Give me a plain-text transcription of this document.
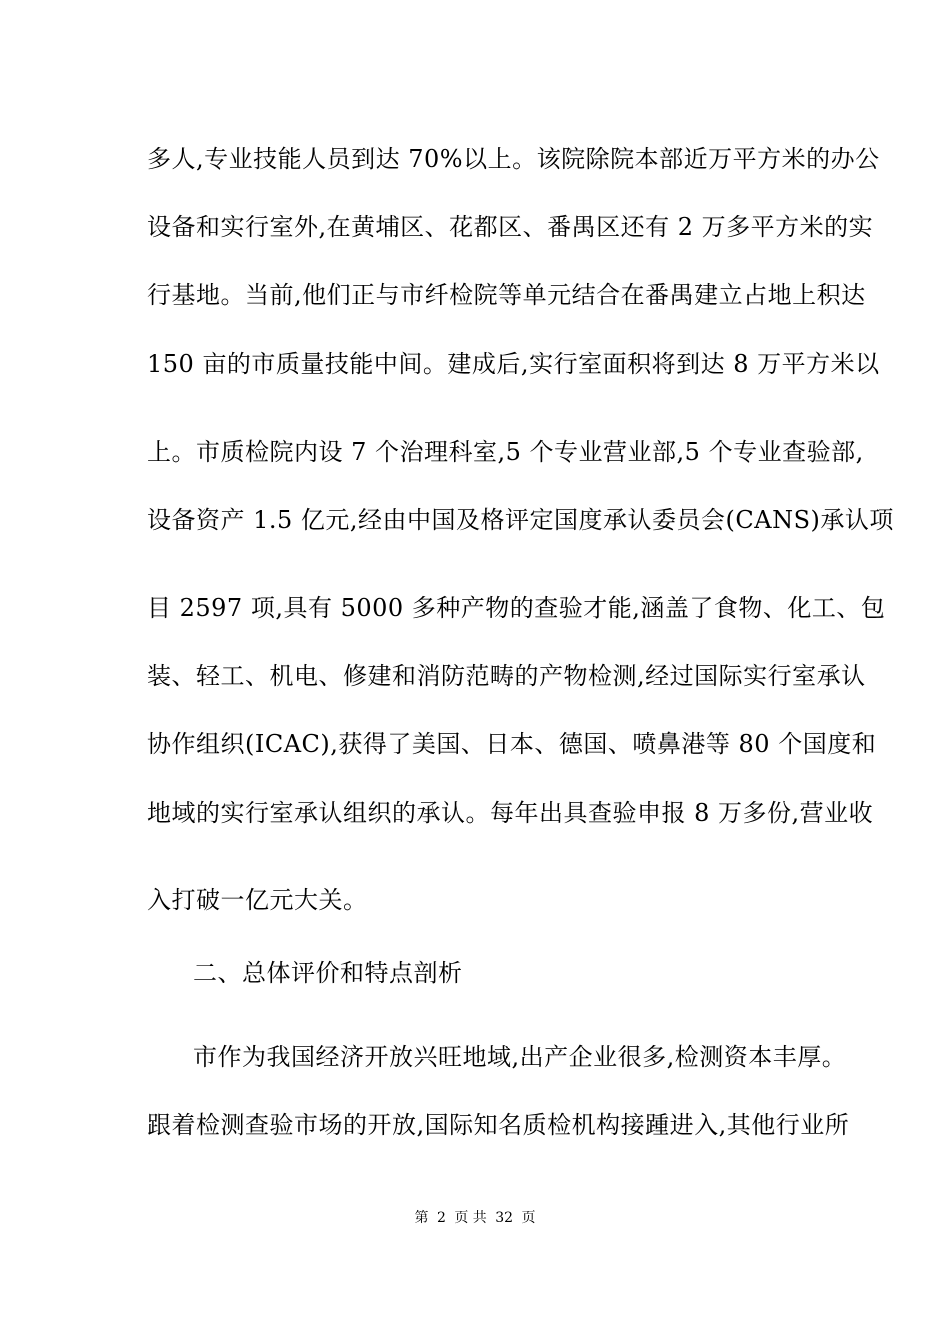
多人,专业技能人员到达 70%以上。该院除院本部近万平方米的办公
设备和实行室外,在黄埔区、花都区、番禺区还有 2 万多平方米的实
行基地。当前,他们正与市纤检院等单元结合在番禺建立占地上积达
150 亩的市质量技能中间。建成后,实行室面积将到达 8 万平方米以
上。市质检院内设 7 个治理科室,5 个专业营业部,5 个专业查验部,
设备资产 1.5 亿元,经由中国及格评定国度承认委员会(CANS)承认项
目 2597 项,具有 5000 多种产物的查验才能,涵盖了食物、化工、包
装、轻工、机电、修建和消防范畴的产物检测,经过国际实行室承认
协作组织(ICAC),获得了美国、日本、德国、喷鼻港等 80 个国度和
地域的实行室承认组织的承认。每年出具查验申报 8 万多份,营业收
入打破一亿元大关。
二、总体评价和特点剖析
市作为我国经济开放兴旺地域,出产企业很多,检测资本丰厚。
跟着检测查验市场的开放,国际知名质检机构接踵进入,其他行业所
第 2 页 共 32 页
